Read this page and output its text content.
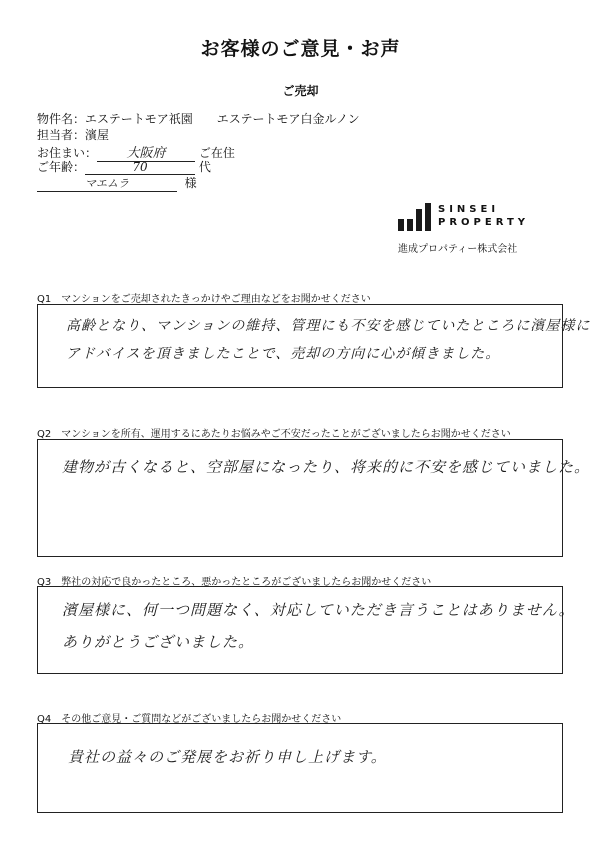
お客様のご意見・お声
ご売却
物件名：エステートモア祇園 エステートモア白金ルノン
担当者：濱屋
お住まい： 大阪府	ご在住
ご年齢：	70	代
マエムラ	様
SINSEI
PROPERTY
進成プロパティー株式会社
Q1　マンションをご売却されたきっかけやご理由などをお聞かせください
高齢となり、マンションの維持、管理にも不安を感じていたところに濱屋様に
アドバイスを頂きましたことで、売却の方向に心が傾きました。
Q2　マンションを所有、運用するにあたりお悩みやご不安だったことがございましたらお聞かせください
建物が古くなると、空部屋になったり、将来的に不安を感じていました。
Q3　弊社の対応で良かったところ、悪かったところがございましたらお聞かせください
濱屋様に、何一つ問題なく、対応していただき言うことはありません。
ありがとうございました。
Q4　その他ご意見・ご質問などがございましたらお聞かせください
貴社の益々のご発展をお祈り申し上げます。
